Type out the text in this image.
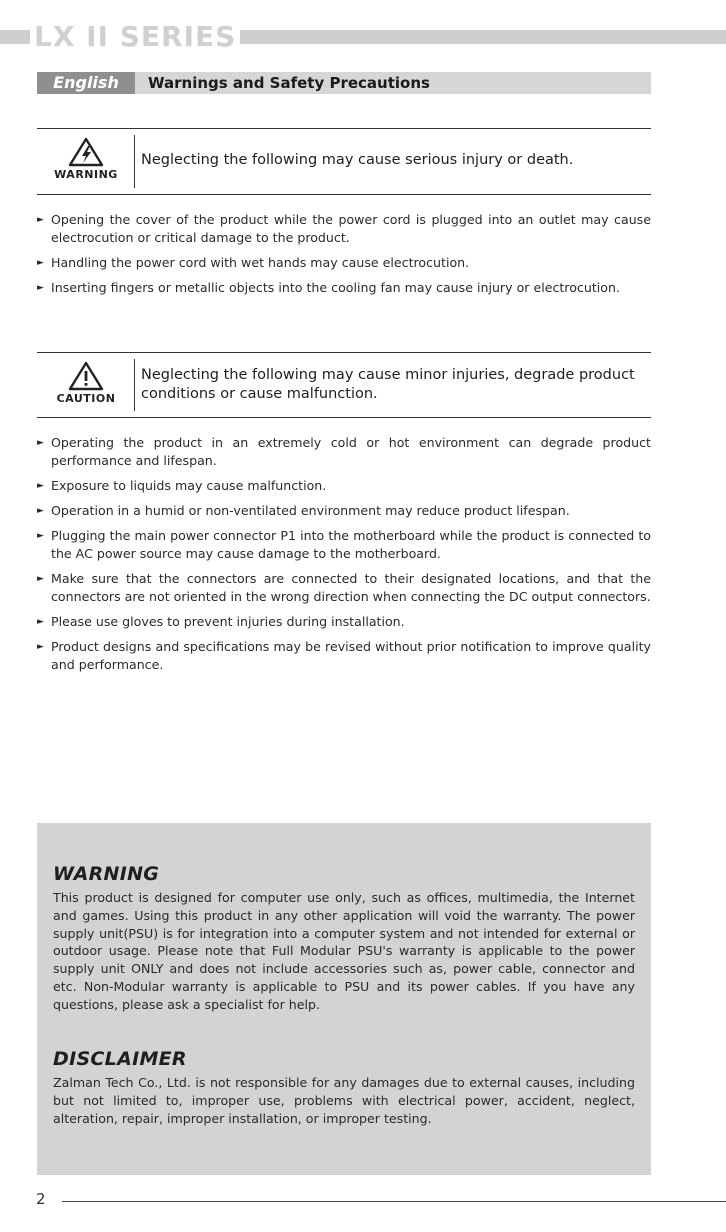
LX II SERIES
English	Warnings and Safety Precautions
WARNING
Neglecting the following may cause serious injury or death.
► Opening the cover of the product while the power cord is plugged into an outlet may cause electrocution or critical damage to the product.
► Handling the power cord with wet hands may cause electrocution.
► Inserting fingers or metallic objects into the cooling fan may cause injury or electrocution.
CAUTION
Neglecting the following may cause minor injuries, degrade product conditions or cause malfunction.
► Operating the product in an extremely cold or hot environment can degrade product performance and lifespan.
► Exposure to liquids may cause malfunction.
► Operation in a humid or non-ventilated environment may reduce product lifespan.
► Plugging the main power connector P1 into the motherboard while the product is connected to the AC power source may cause damage to the motherboard.
► Make sure that the connectors are connected to their designated locations, and that the connectors are not oriented in the wrong direction when connecting the DC output connectors.
► Please use gloves to prevent injuries during installation.
► Product designs and specifications may be revised without prior notification to improve quality and performance.
WARNING
This product is designed for computer use only, such as offices, multimedia, the Internet and games. Using this product in any other application will void the warranty. The power supply unit(PSU) is for integration into a computer system and not intended for external or outdoor usage. Please note that Full Modular PSU's warranty is applicable to the power supply unit ONLY and does not include accessories such as, power cable, connector and etc. Non-Modular warranty is applicable to PSU and its power cables. If you have any questions, please ask a specialist for help.
DISCLAIMER
Zalman Tech Co., Ltd. is not responsible for any damages due to external causes, including but not limited to, improper use, problems with electrical power, accident, neglect, alteration, repair, improper installation, or improper testing.
2
